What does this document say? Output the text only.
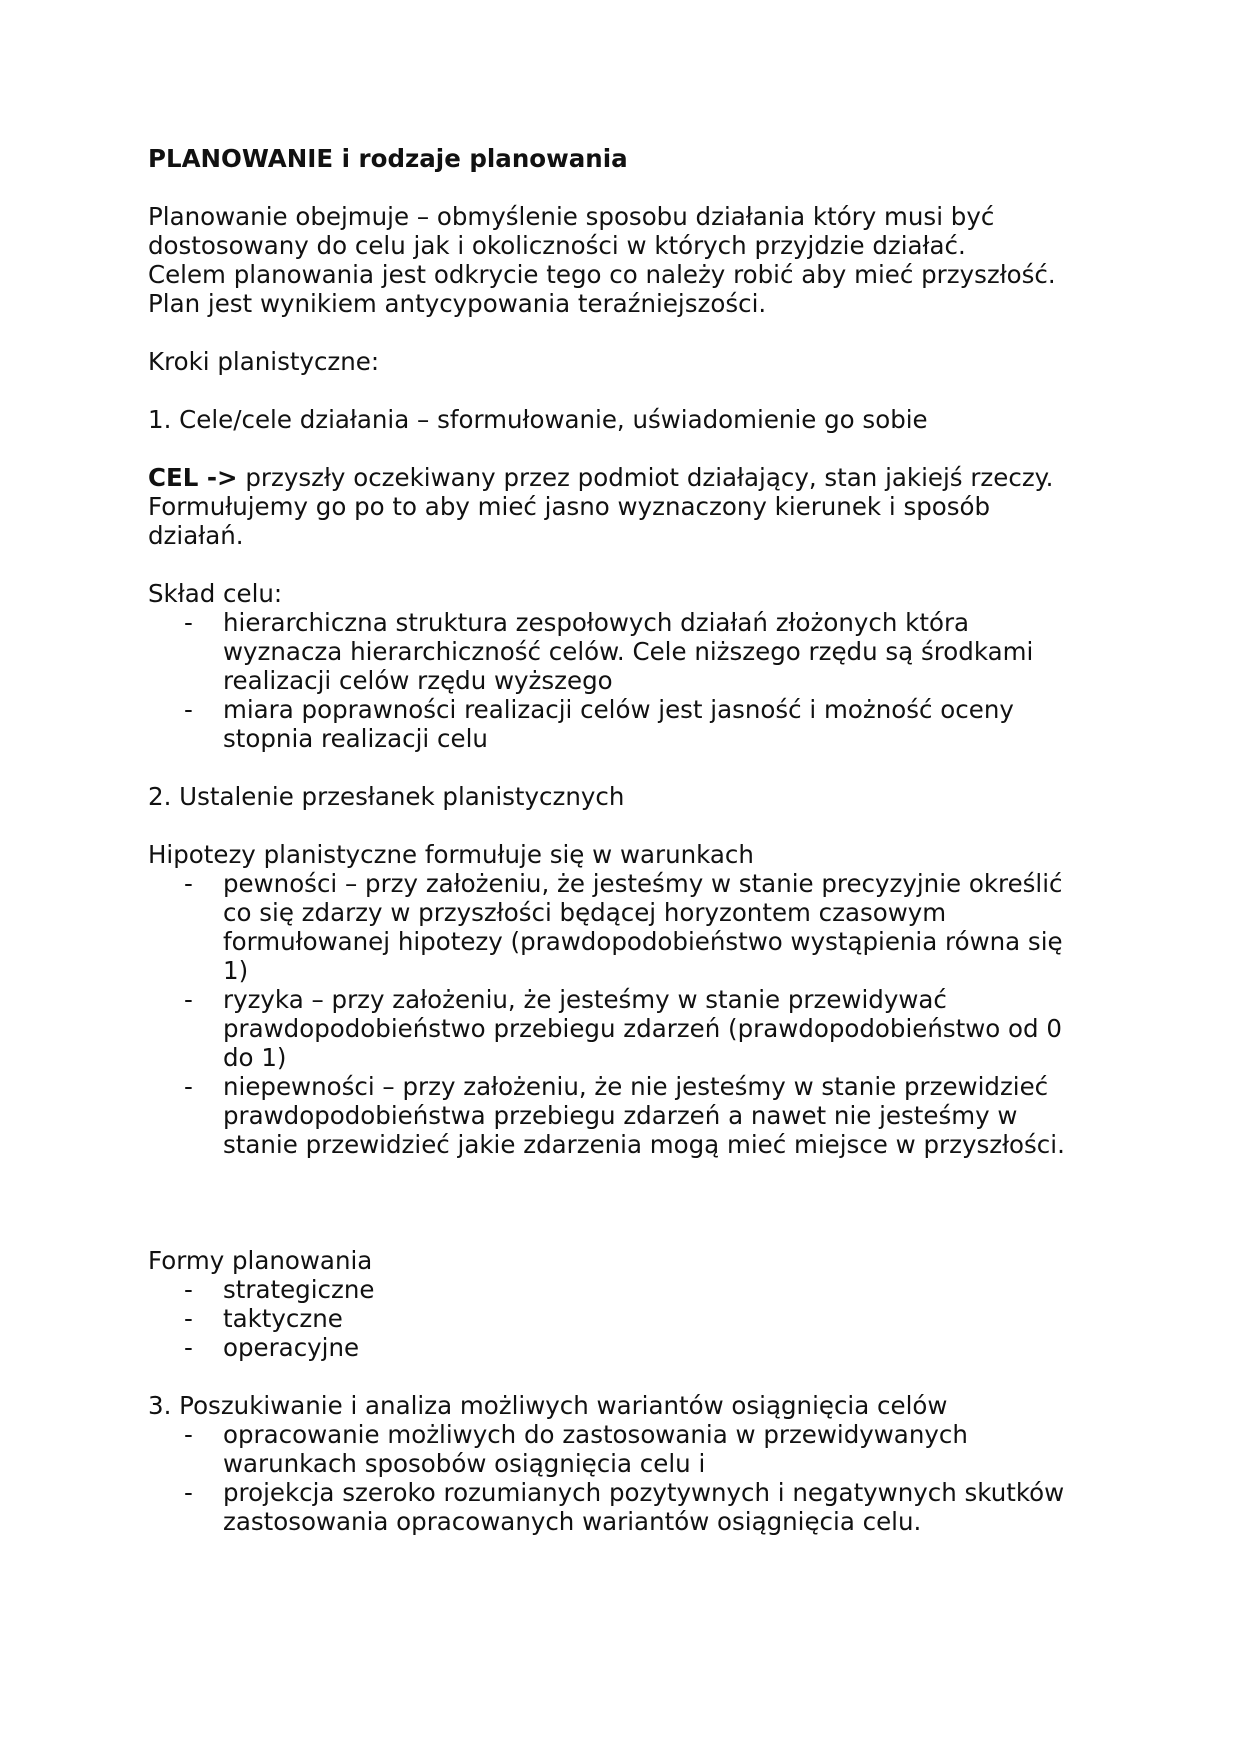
PLANOWANIE i rodzaje planowania

Planowanie obejmuje – obmyślenie sposobu działania który musi być

dostosowany do celu jak i okoliczności w których przyjdzie działać.

Celem planowania jest odkrycie tego co należy robić aby mieć przyszłość.

Plan jest wynikiem antycypowania teraźniejszości.

Kroki planistyczne:

1. Cele/cele działania – sformułowanie, uświadomienie go sobie

CEL -> przyszły oczekiwany przez podmiot działający, stan jakiejś rzeczy.

Formułujemy go po to aby mieć jasno wyznaczony kierunek i sposób

działań.

Skład celu:

- hierarchiczna struktura zespołowych działań złożonych która
wyznacza hierarchiczność celów. Cele niższego rzędu są środkami
realizacji celów rzędu wyższego
- miara poprawności realizacji celów jest jasność i możność oceny
stopnia realizacji celu

2. Ustalenie przesłanek planistycznych

Hipotezy planistyczne formułuje się w warunkach

- pewności – przy założeniu, że jesteśmy w stanie precyzyjnie określić
co się zdarzy w przyszłości będącej horyzontem czasowym
formułowanej hipotezy (prawdopodobieństwo wystąpienia równa się
1)
- ryzyka – przy założeniu, że jesteśmy w stanie przewidywać
prawdopodobieństwo przebiegu zdarzeń (prawdopodobieństwo od 0
do 1)
- niepewności – przy założeniu, że nie jesteśmy w stanie przewidzieć
prawdopodobieństwa przebiegu zdarzeń a nawet nie jesteśmy w
stanie przewidzieć jakie zdarzenia mogą mieć miejsce w przyszłości.

Formy planowania

- strategiczne
- taktyczne
- operacyjne

3. Poszukiwanie i analiza możliwych wariantów osiągnięcia celów

- opracowanie możliwych do zastosowania w przewidywanych
warunkach sposobów osiągnięcia celu i
- projekcja szeroko rozumianych pozytywnych i negatywnych skutków
zastosowania opracowanych wariantów osiągnięcia celu.
